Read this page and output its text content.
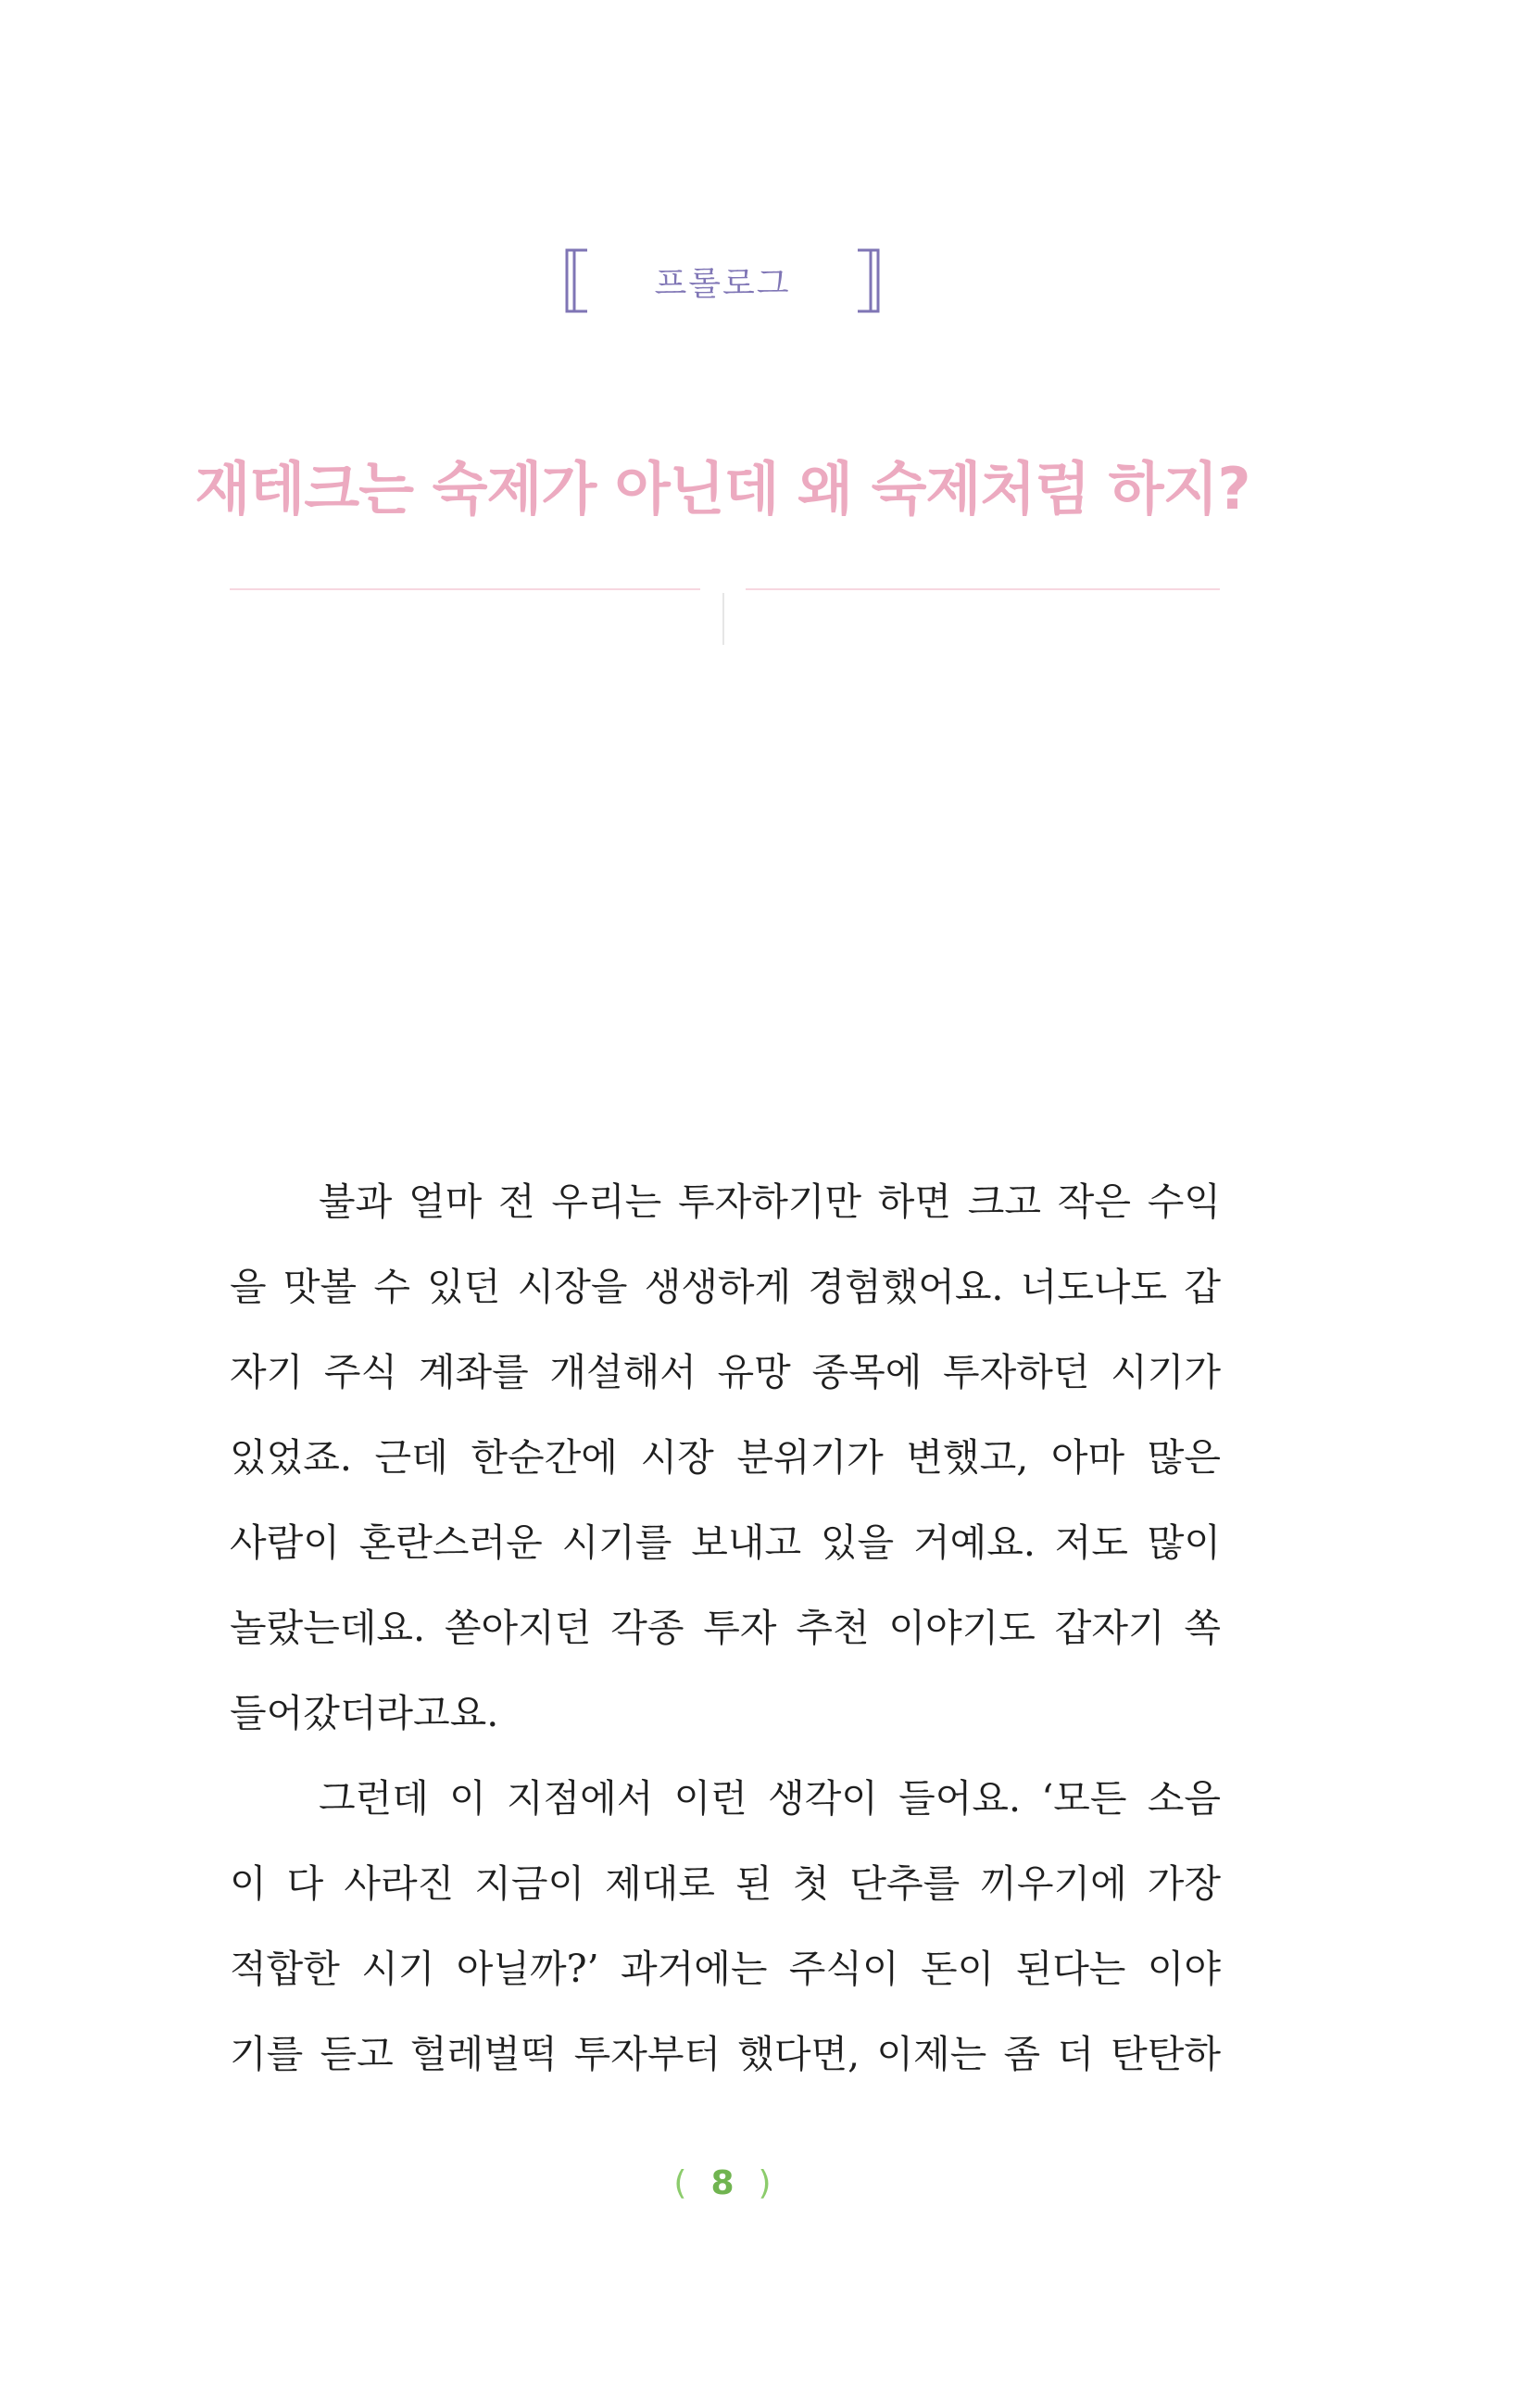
프롤로그
재테크는 숙제가 아닌데 왜 숙제처럼 하지?
불과 얼마 전 우리는 투자하기만 하면 크고 작은 수익
을 맛볼 수 있던 시장을 생생하게 경험했어요. 너도나도 갑
자기 주식 계좌를 개설해서 유망 종목에 투자하던 시기가
있었죠. 근데 한순간에 시장 분위기가 변했고, 아마 많은
사람이 혼란스러운 시기를 보내고 있을 거예요. 저도 많이
놀랐는데요. 쏟아지던 각종 투자 추천 이야기도 갑자기 쏙
들어갔더라고요.
그런데 이 지점에서 이런 생각이 들어요. ‘모든 소음
이 다 사라진 지금이 제대로 된 첫 단추를 끼우기에 가장
적합한 시기 아닐까?’ 과거에는 주식이 돈이 된다는 이야
기를 듣고 헐레벌떡 투자부터 했다면, 이제는 좀 더 탄탄하
( 8 )
